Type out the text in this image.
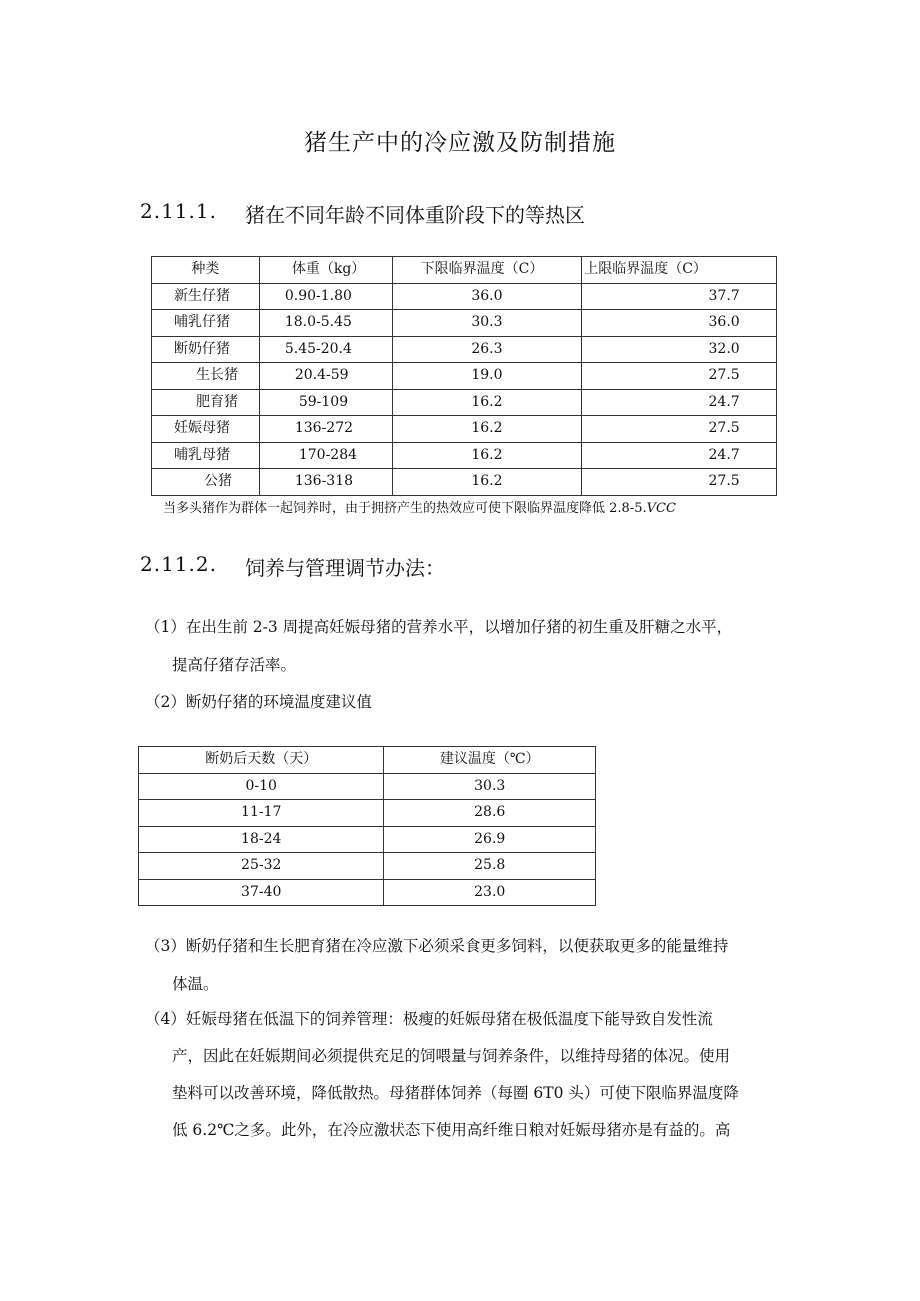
猪生产中的冷应激及防制措施
2.11.1. 猪在不同年龄不同体重阶段下的等热区
种类	体重（kg）	下限临界温度（C）	上限临界温度（C）
新生仔猪	0.90-1.80	36.0	37.7
哺乳仔猪	18.0-5.45	30.3	36.0
断奶仔猪	5.45-20.4	26.3	32.0
生长猪	20.4-59	19.0	27.5
肥育猪	59-109	16.2	24.7
妊娠母猪	136-272	16.2	27.5
哺乳母猪	170-284	16.2	24.7
公猪	136-318	16.2	27.5
当多头猪作为群体一起饲养时，由于拥挤产生的热效应可使下限临界温度降低 2.8-5.VCC
2.11.2. 饲养与管理调节办法：
（1）在出生前 2-3 周提高妊娠母猪的营养水平，以增加仔猪的初生重及肝糖之水平，
提高仔猪存活率。
（2）断奶仔猪的环境温度建议值
断奶后天数（天）	建议温度（℃）
0-10	30.3
11-17	28.6
18-24	26.9
25-32	25.8
37-40	23.0
（3）断奶仔猪和生长肥育猪在冷应激下必须采食更多饲料，以便获取更多的能量维持
体温。
（4）妊娠母猪在低温下的饲养管理：极瘦的妊娠母猪在极低温度下能导致自发性流
产，因此在妊娠期间必须提供充足的饲喂量与饲养条件，以维持母猪的体况。使用
垫料可以改善环境，降低散热。母猪群体饲养（每圈 6T0 头）可使下限临界温度降
低 6.2℃之多。此外，在冷应激状态下使用高纤维日粮对妊娠母猪亦是有益的。高
